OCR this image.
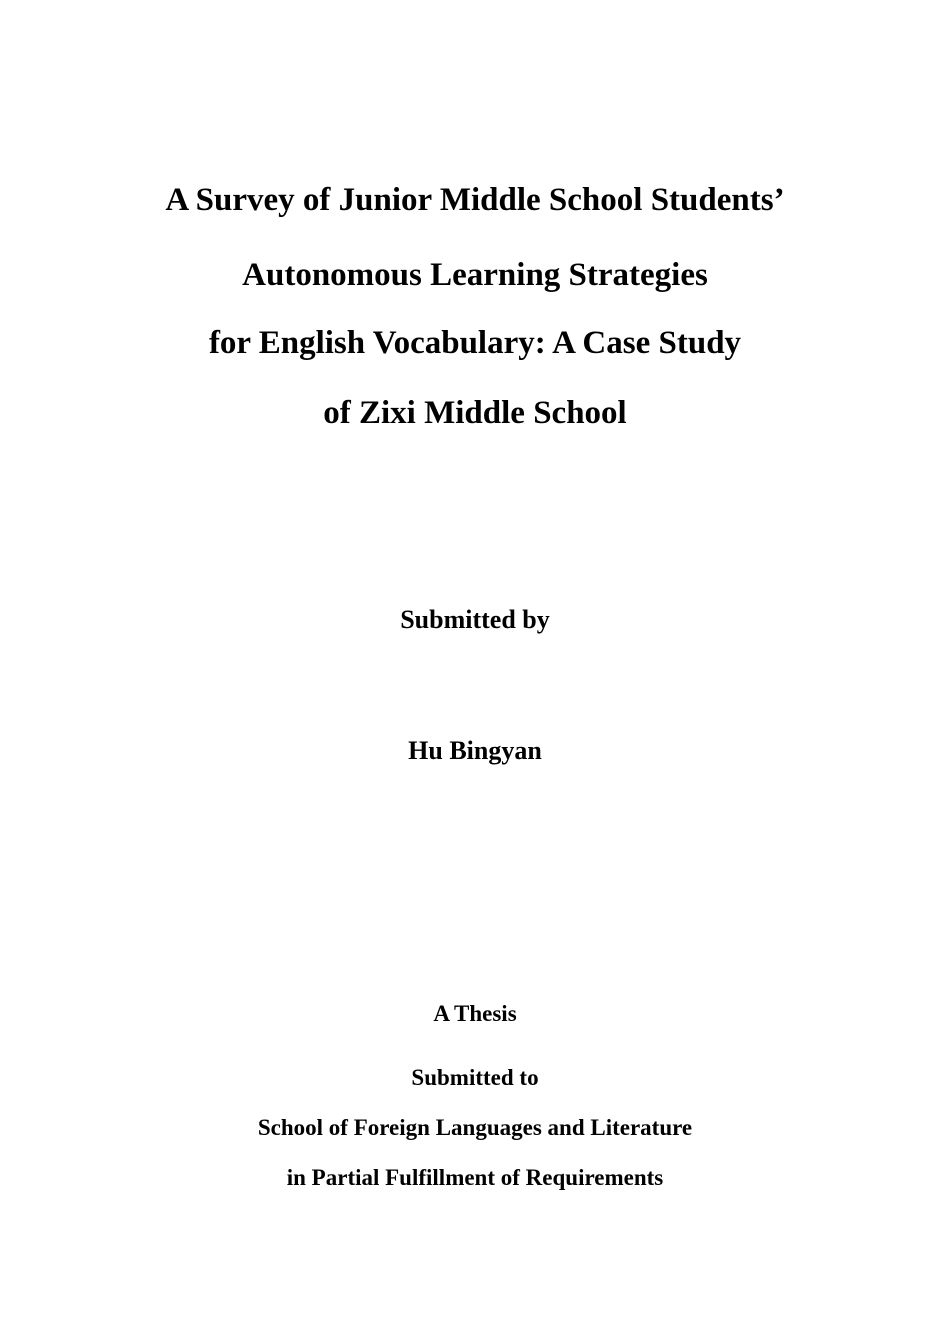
A Survey of Junior Middle School Students’
Autonomous Learning Strategies
for English Vocabulary: A Case Study
of Zixi Middle School
Submitted by
Hu Bingyan
A Thesis
Submitted to
School of Foreign Languages and Literature
in Partial Fulfillment of Requirements
